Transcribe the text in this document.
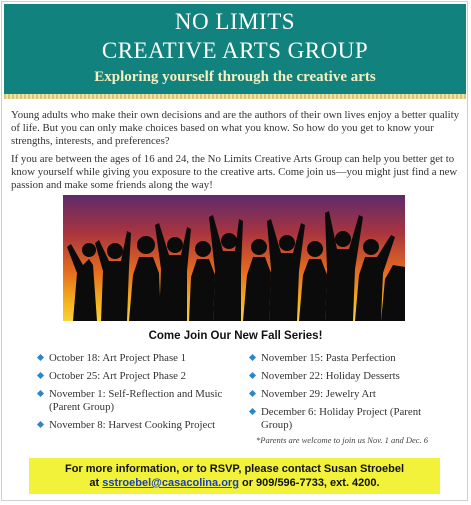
NO LIMITS
CREATIVE ARTS GROUP
Exploring yourself through the creative arts

Young adults who make their own decisions and are the authors of their own lives enjoy a better quality of life. But you can only make choices based on what you know. So how do you get to know your strengths, interests, and preferences?

If you are between the ages of 16 and 24, the No Limits Creative Arts Group can help you better get to know yourself while giving you exposure to the creative arts. Come join us—you might just find a new passion and make some friends along the way!

Come Join Our New Fall Series!
October 18: Art Project Phase 1
October 25: Art Project Phase 2
November 1: Self-Reflection and Music (Parent Group)
November 8: Harvest Cooking Project
November 15: Pasta Perfection
November 22: Holiday Desserts
November 29: Jewelry Art
December 6: Holiday Project (Parent Group)
*Parents are welcome to join us Nov. 1 and Dec. 6
For more information, or to RSVP, please contact Susan Stroebel
at sstroebel@casacolina.org or 909/596-7733, ext. 4200.
